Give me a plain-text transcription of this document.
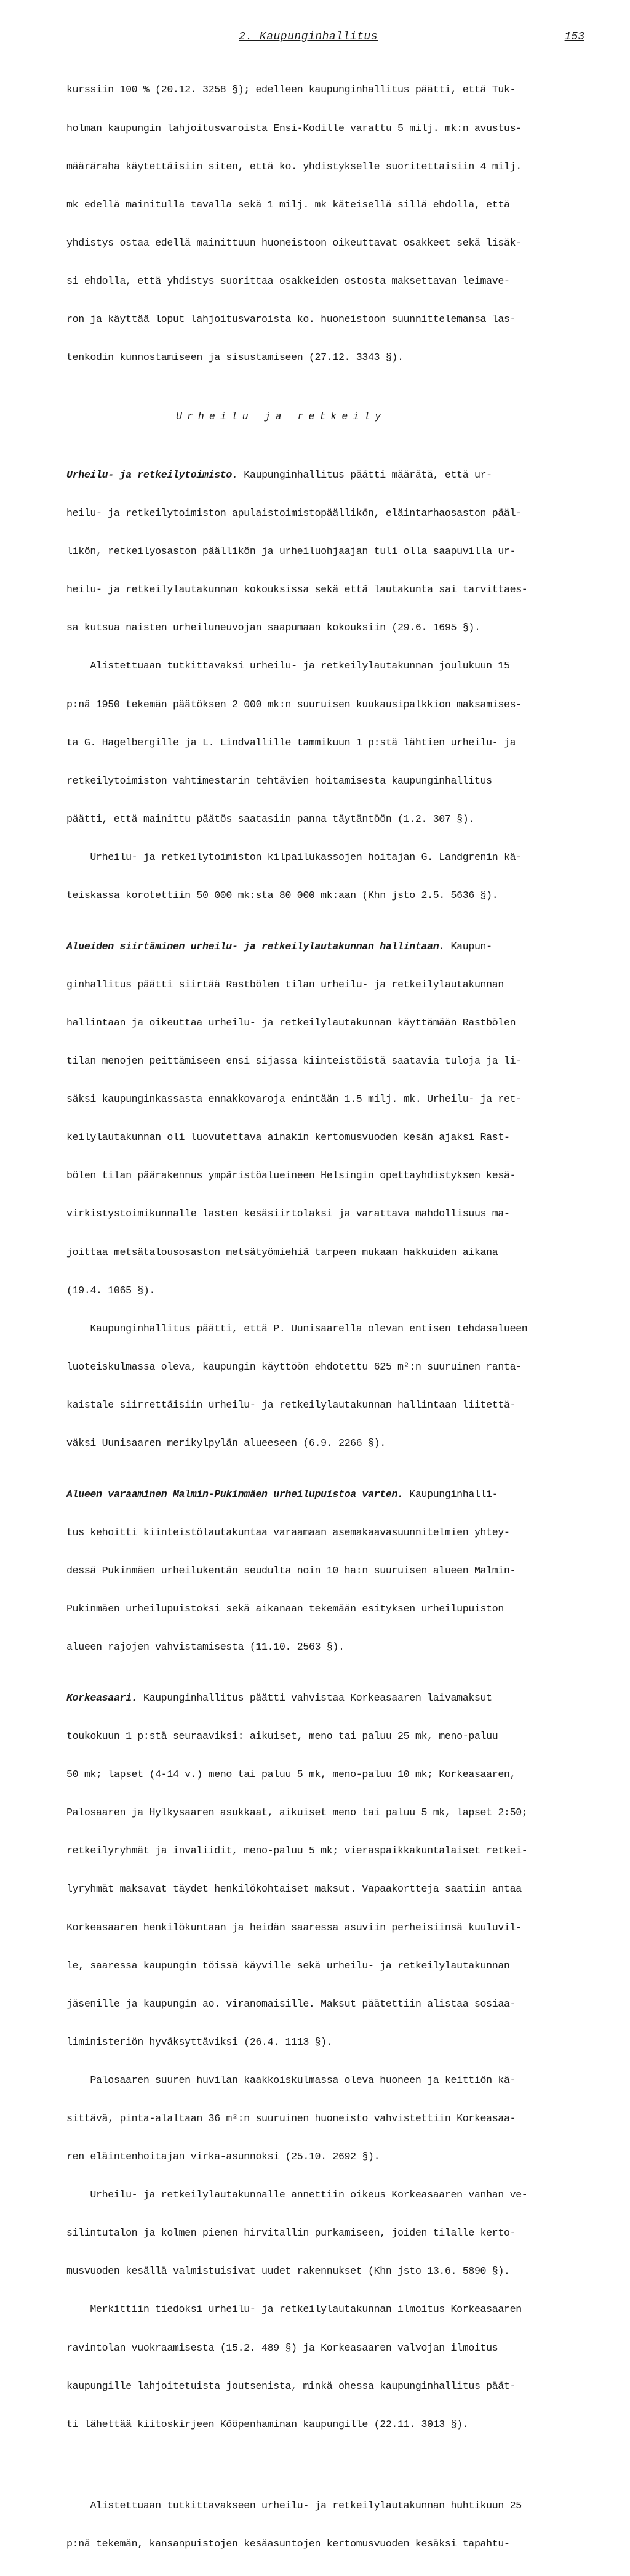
2. Kaupunginhallitus	153

kurssiin 100 % (20.12. 3258 §); edelleen kaupunginhallitus päätti, että Tuk-

holman kaupungin lahjoitusvaroista Ensi-Kodille varattu 5 milj. mk:n avustus-

määräraha käytettäisiin siten, että ko. yhdistykselle suoritettaisiin 4 milj.

mk edellä mainitulla tavalla sekä 1 milj. mk käteisellä sillä ehdolla, että

yhdistys ostaa edellä mainittuun huoneistoon oikeuttavat osakkeet sekä lisäk-

si ehdolla, että yhdistys suorittaa osakkeiden ostosta maksettavan leimave-

ron ja käyttää loput lahjoitusvaroista ko. huoneistoon suunnittelemansa las-

tenkodin kunnostamiseen ja sisustamiseen (27.12. 3343 §).

Urheilu ja retkeily

Urheilu- ja retkeilytoimisto. Kaupunginhallitus päätti määrätä, että ur-

heilu- ja retkeilytoimiston apulaistoimistopäällikön, eläintarhaosaston pääl-

likön, retkeilyosaston päällikön ja urheiluohjaajan tuli olla saapuvilla ur-

heilu- ja retkeilylautakunnan kokouksissa sekä että lautakunta sai tarvittaes-

sa kutsua naisten urheiluneuvojan saapumaan kokouksiin (29.6. 1695 §).

Alistettuaan tutkittavaksi urheilu- ja retkeilylautakunnan joulukuun 15

p:nä 1950 tekemän päätöksen 2 000 mk:n suuruisen kuukausipalkkion maksamises-

ta G. Hagelbergille ja L. Lindvallille tammikuun 1 p:stä lähtien urheilu- ja

retkeilytoimiston vahtimestarin tehtävien hoitamisesta kaupunginhallitus

päätti, että mainittu päätös saatasiin panna täytäntöön (1.2. 307 §).

Urheilu- ja retkeilytoimiston kilpailukassojen hoitajan G. Landgrenin kä-

teiskassa korotettiin 50 000 mk:sta 80 000 mk:aan (Khn jsto 2.5. 5636 §).

Alueiden siirtäminen urheilu- ja retkeilylautakunnan hallintaan. Kaupun-

ginhallitus päätti siirtää Rastbölen tilan urheilu- ja retkeilylautakunnan

hallintaan ja oikeuttaa urheilu- ja retkeilylautakunnan käyttämään Rastbölen

tilan menojen peittämiseen ensi sijassa kiinteistöistä saatavia tuloja ja li-

säksi kaupunginkassasta ennakkovaroja enintään 1.5 milj. mk. Urheilu- ja ret-

keilylautakunnan oli luovutettava ainakin kertomusvuoden kesän ajaksi Rast-

bölen tilan päärakennus ympäristöalueineen Helsingin opettayhdistyksen kesä-

virkistystoimikunnalle lasten kesäsiirtolaksi ja varattava mahdollisuus ma-

joittaa metsätalousosaston metsätyömiehiä tarpeen mukaan hakkuiden aikana

(19.4. 1065 §).

Kaupunginhallitus päätti, että P. Uunisaarella olevan entisen tehdasalueen

luoteiskulmassa oleva, kaupungin käyttöön ehdotettu 625 m²:n suuruinen ranta-

kaistale siirrettäisiin urheilu- ja retkeilylautakunnan hallintaan liitettä-

väksi Uunisaaren merikylpylän alueeseen (6.9. 2266 §).

Alueen varaaminen Malmin-Pukinmäen urheilupuistoa varten. Kaupunginhalli-

tus kehoitti kiinteistölautakuntaa varaamaan asemakaavasuunnitelmien yhtey-

dessä Pukinmäen urheilukentän seudulta noin 10 ha:n suuruisen alueen Malmin-

Pukinmäen urheilupuistoksi sekä aikanaan tekemään esityksen urheilupuiston

alueen rajojen vahvistamisesta (11.10. 2563 §).

Korkeasaari. Kaupunginhallitus päätti vahvistaa Korkeasaaren laivamaksut

toukokuun 1 p:stä seuraaviksi: aikuiset, meno tai paluu 25 mk, meno-paluu

50 mk; lapset (4-14 v.) meno tai paluu 5 mk, meno-paluu 10 mk; Korkeasaaren,

Palosaaren ja Hylkysaaren asukkaat, aikuiset meno tai paluu 5 mk, lapset 2:50;

retkeilyryhmät ja invaliidit, meno-paluu 5 mk; vieraspaikkakuntalaiset retkei-

lyryhmät maksavat täydet henkilökohtaiset maksut. Vapaakortteja saatiin antaa

Korkeasaaren henkilökuntaan ja heidän saaressa asuviin perheisiinsä kuuluvil-

le, saaressa kaupungin töissä käyville sekä urheilu- ja retkeilylautakunnan

jäsenille ja kaupungin ao. viranomaisille. Maksut päätettiin alistaa sosiaa-

liministeriön hyväksyttäviksi (26.4. 1113 §).

Palosaaren suuren huvilan kaakkoiskulmassa oleva huoneen ja keittiön kä-

sittävä, pinta-alaltaan 36 m²:n suuruinen huoneisto vahvistettiin Korkeasaa-

ren eläintenhoitajan virka-asunnoksi (25.10. 2692 §).

Urheilu- ja retkeilylautakunnalle annettiin oikeus Korkeasaaren vanhan ve-

silintutalon ja kolmen pienen hirvitallin purkamiseen, joiden tilalle kerto-

musvuoden kesällä valmistuisivat uudet rakennukset (Khn jsto 13.6. 5890 §).

Merkittiin tiedoksi urheilu- ja retkeilylautakunnan ilmoitus Korkeasaaren

ravintolan vuokraamisesta (15.2. 489 §) ja Korkeasaaren valvojan ilmoitus

kaupungille lahjoitetuista joutsenista, minkä ohessa kaupunginhallitus päät-

ti lähettää kiitoskirjeen Kööpenhaminan kaupungille (22.11. 3013 §).

Alistettuaan tutkittavakseen urheilu- ja retkeilylautakunnan huhtikuun 25

p:nä tekemän, kansanpuistojen kesäasuntojen kertomusvuoden kesäksi tapahtu-
